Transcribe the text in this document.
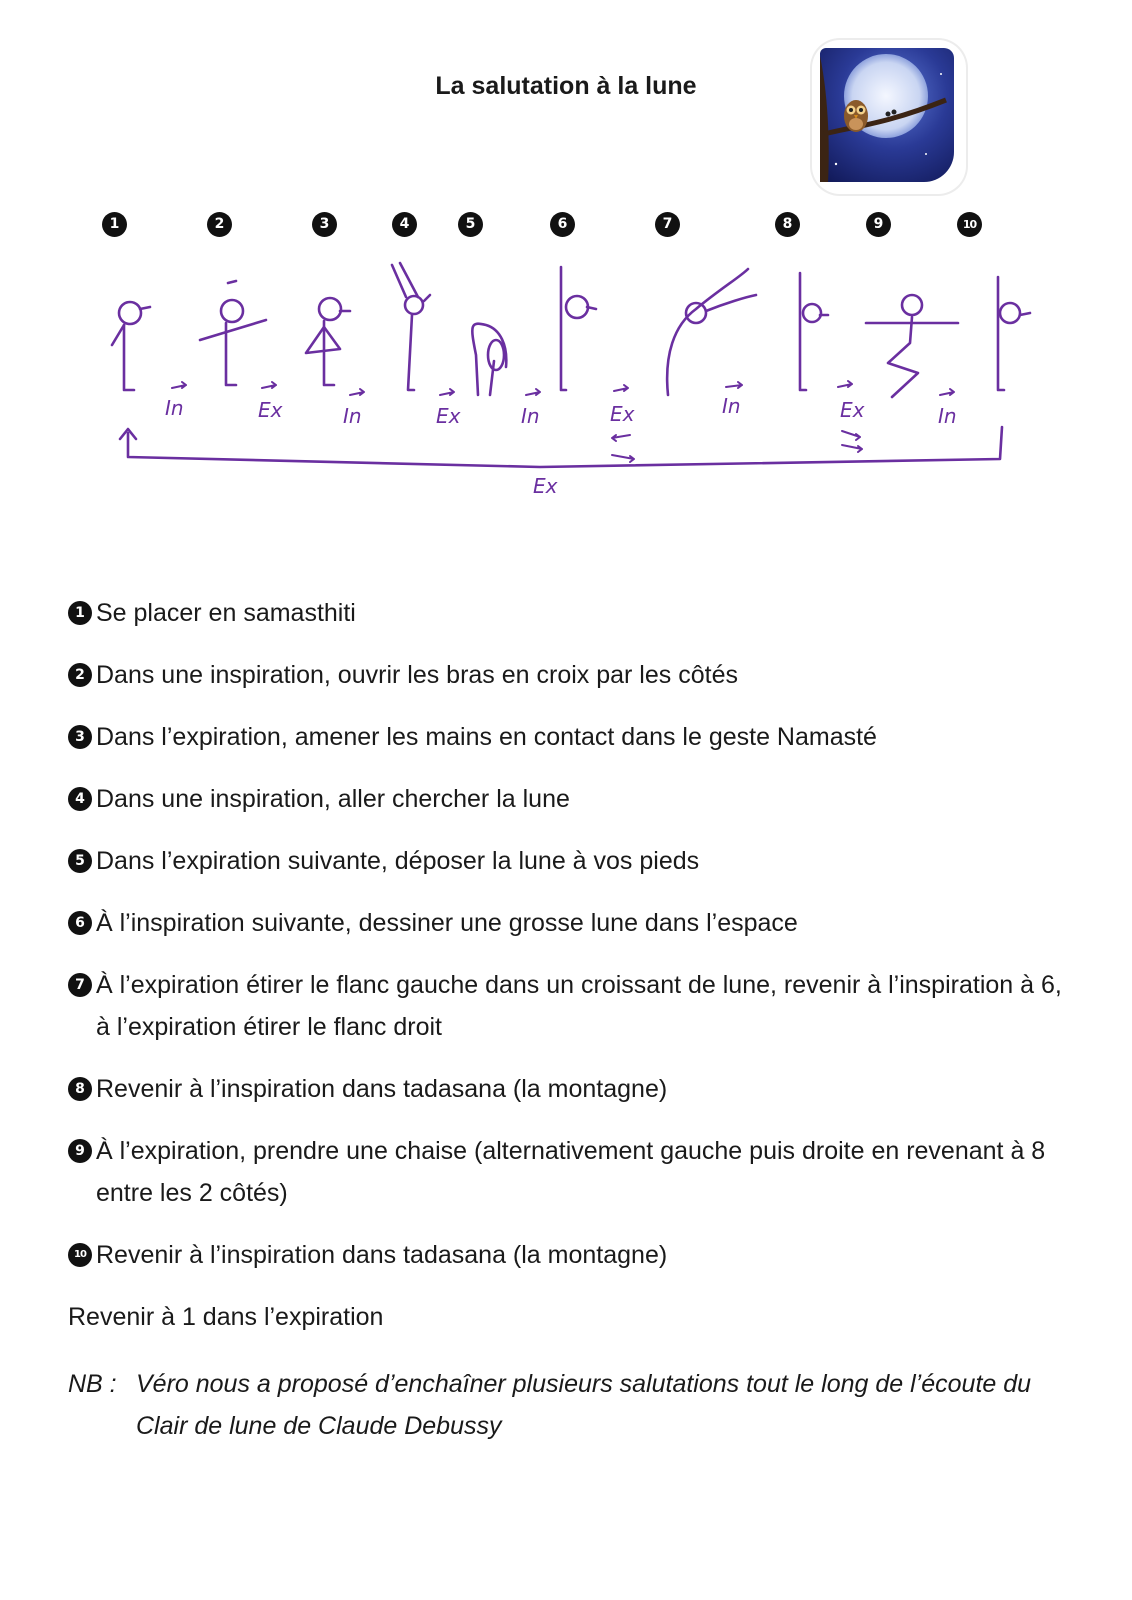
La salutation à la lune
1	2	3	4	5	6	7	8	9	10
In	Ex	In	Ex	In	Ex	In	Ex	In
Ex

1 Se placer en samasthiti

2 Dans une inspiration, ouvrir les bras en croix par les côtés

3 Dans l’expiration, amener les mains en contact dans le geste Namasté

4 Dans une inspiration, aller chercher la lune

5 Dans l’expiration suivante, déposer la lune à vos pieds

6 À l’inspiration suivante, dessiner une grosse lune dans l’espace

7 À l’expiration étirer le flanc gauche dans un croissant de lune, revenir à l’inspiration à 6, à l’expiration étirer le flanc droit

8 Revenir à l’inspiration dans tadasana (la montagne)

9 À l’expiration, prendre une chaise (alternativement gauche puis droite en revenant à 8 entre les 2 côtés)

10 Revenir à l’inspiration dans tadasana (la montagne)

Revenir à 1 dans l’expiration

NB : Véro nous a proposé d’enchaîner plusieurs salutations tout le long de l’écoute du Clair de lune de Claude Debussy
